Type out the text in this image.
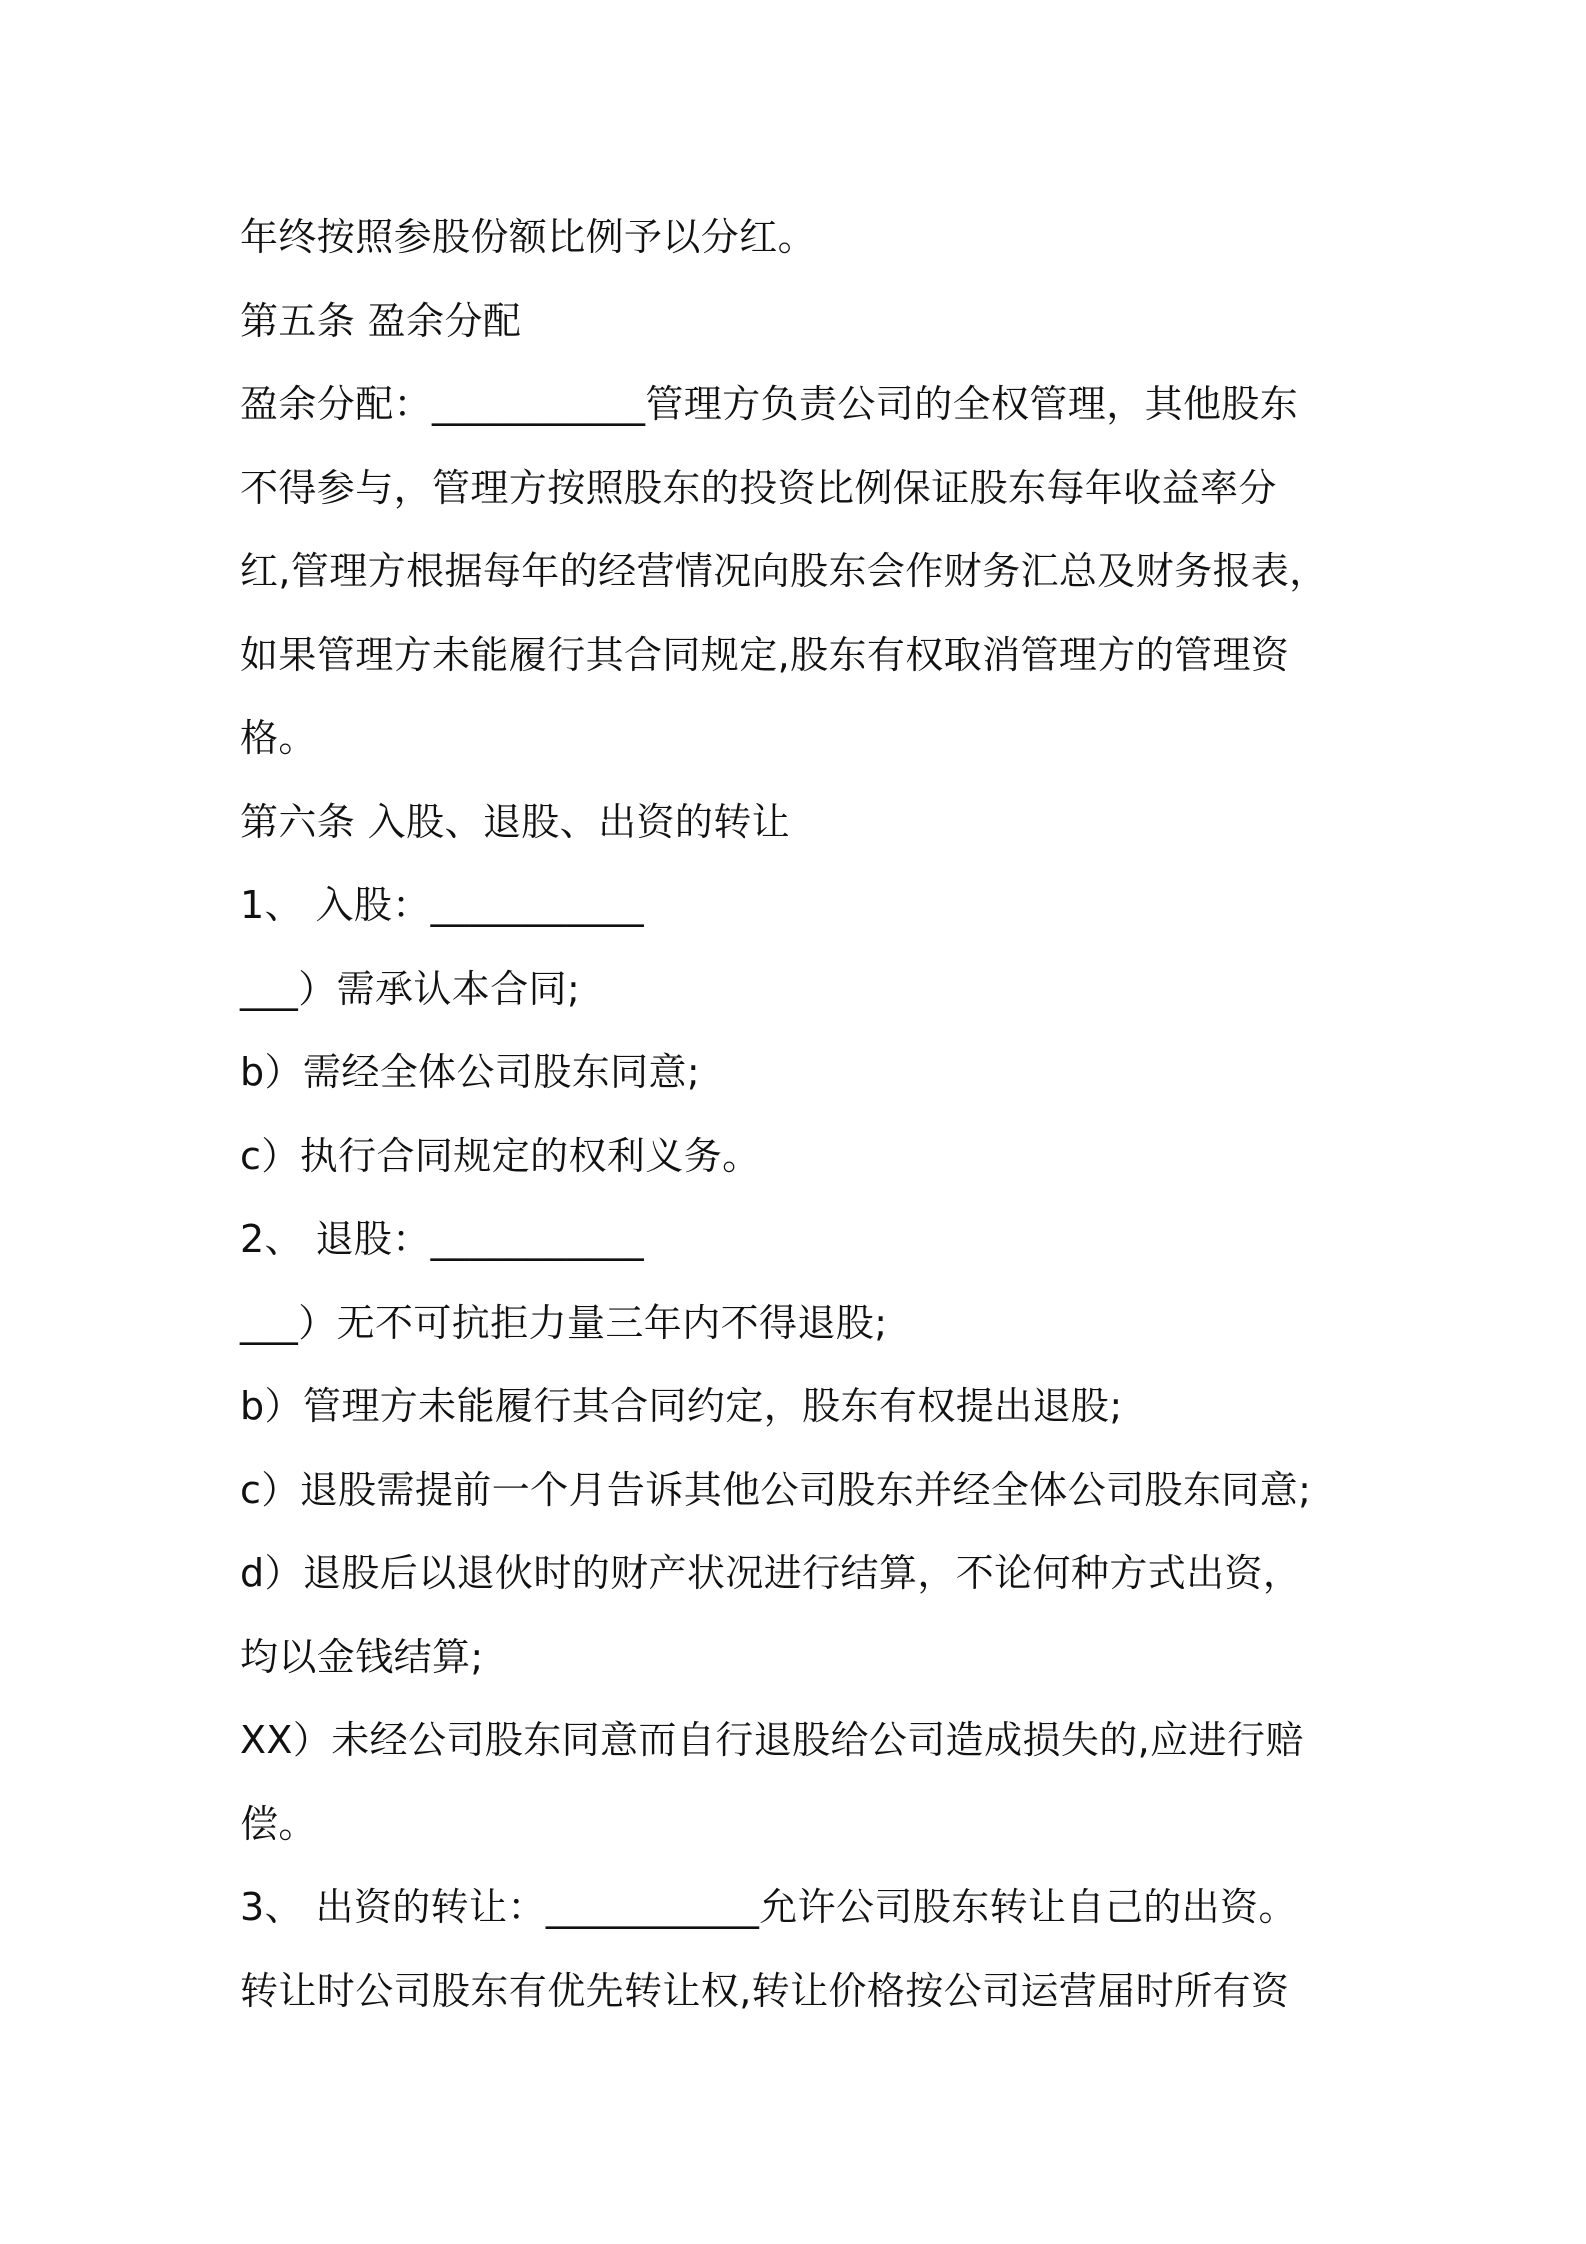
年终按照参股份额比例予以分红。
第五条 盈余分配
盈余分配：___________管理方负责公司的全权管理，其他股东
不得参与，管理方按照股东的投资比例保证股东每年收益率分
红,管理方根据每年的经营情况向股东会作财务汇总及财务报表，
如果管理方未能履行其合同规定,股东有权取消管理方的管理资
格。
第六条 入股、退股、出资的转让
1、 入股：___________
___）需承认本合同;
b）需经全体公司股东同意;
c）执行合同规定的权利义务。
2、 退股：___________
___）无不可抗拒力量三年内不得退股;
b）管理方未能履行其合同约定，股东有权提出退股;
c）退股需提前一个月告诉其他公司股东并经全体公司股东同意;
d）退股后以退伙时的财产状况进行结算，不论何种方式出资，
均以金钱结算;
XX）未经公司股东同意而自行退股给公司造成损失的,应进行赔
偿。
3、 出资的转让：___________允许公司股东转让自己的出资。
转让时公司股东有优先转让权,转让价格按公司运营届时所有资
